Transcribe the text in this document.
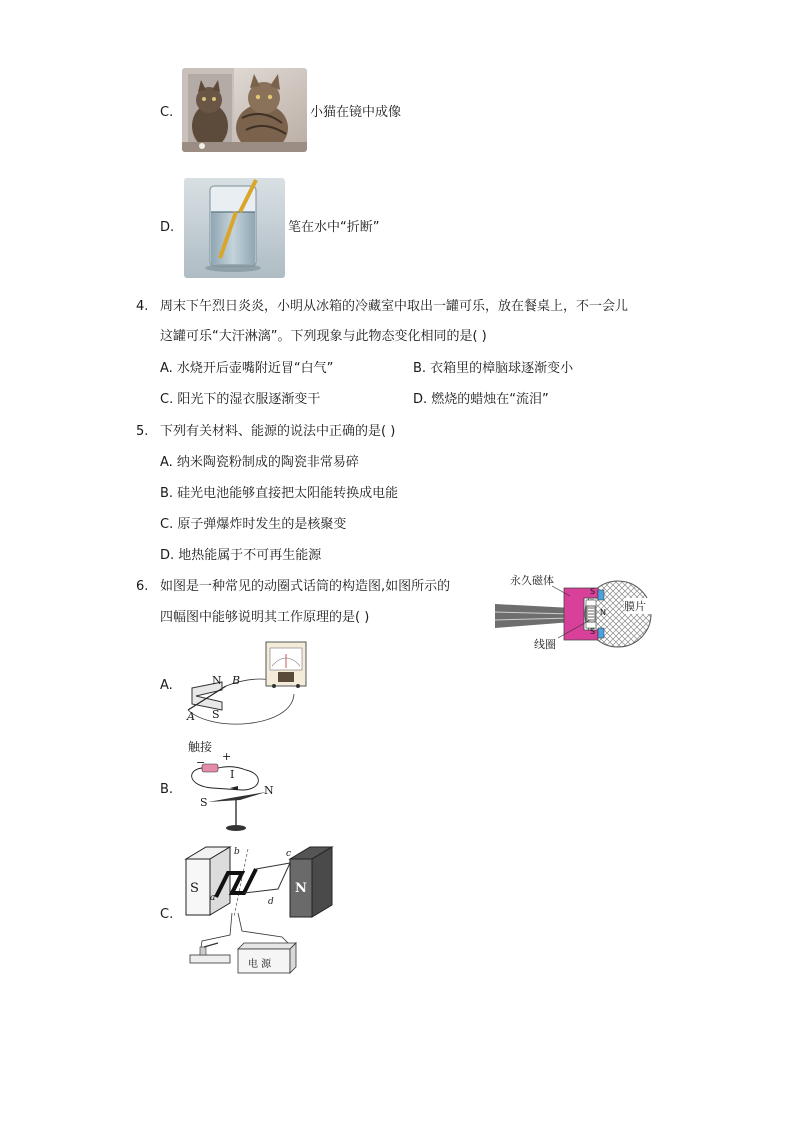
C.	小猫在镜中成像
D.	笔在水中“折断”
4. 周末下午烈日炎炎，小明从冰箱的冷藏室中取出一罐可乐，放在餐桌上，不一会儿
这罐可乐“大汗淋漓”。下列现象与此物态变化相同的是( )
A. 水烧开后壶嘴附近冒“白气”	B. 衣箱里的樟脑球逐渐变小
C. 阳光下的湿衣服逐渐变干	D. 燃烧的蜡烛在“流泪”
5. 下列有关材料、能源的说法中正确的是( )
A. 纳米陶瓷粉制成的陶瓷非常易碎
B. 硅光电池能够直接把太阳能转换成电能
C. 原子弹爆炸时发生的是核聚变
D. 地热能属于不可再生能源
6. 如图是一种常见的动圈式话筒的构造图,如图所示的
四幅图中能够说明其工作原理的是( )
永久磁体
膜片
线圈
S
S
N
A.	N B
A S
B.
触接
− +
I
S
N
C.
S	N
a
b	c
d
电 源
